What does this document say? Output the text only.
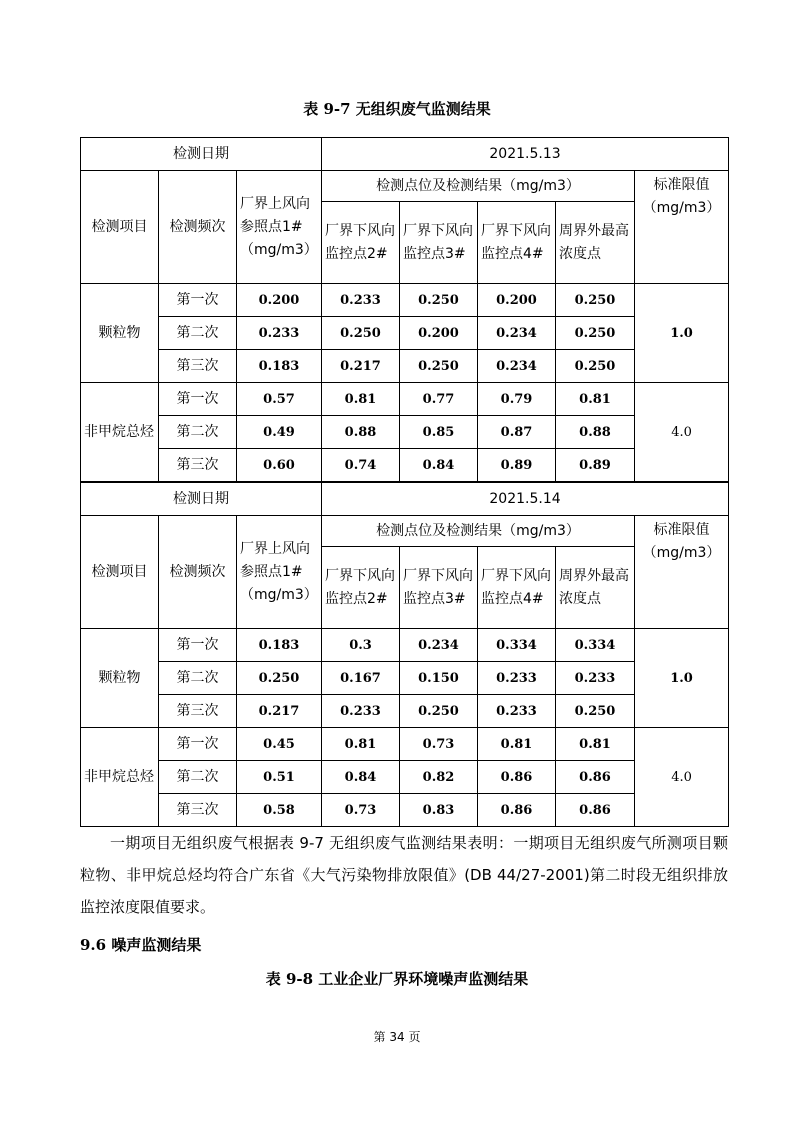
表 9-7 无组织废气监测结果
检测日期			2021.5.13				
检测项目	检测频次	厂界上风向参照点1#（mg/m3）	检测点位及检测结果（mg/m3）				标准限值（mg/m3）
			厂界下风向监控点2#	厂界下风向监控点3#	厂界下风向监控点4#	周界外最高浓度点	
颗粒物	第一次	0.200	0.233	0.250	0.200	0.250	1.0
	第二次	0.233	0.250	0.200	0.234	0.250	
	第三次	0.183	0.217	0.250	0.234	0.250	
非甲烷总烃	第一次	0.57	0.81	0.77	0.79	0.81	4.0
	第二次	0.49	0.88	0.85	0.87	0.88	
	第三次	0.60	0.74	0.84	0.89	0.89	
检测日期			2021.5.14				
检测项目	检测频次	厂界上风向参照点1#（mg/m3）	检测点位及检测结果（mg/m3）				标准限值（mg/m3）
			厂界下风向监控点2#	厂界下风向监控点3#	厂界下风向监控点4#	周界外最高浓度点	
颗粒物	第一次	0.183	0.3	0.234	0.334	0.334	1.0
	第二次	0.250	0.167	0.150	0.233	0.233	
	第三次	0.217	0.233	0.250	0.233	0.250	
非甲烷总烃	第一次	0.45	0.81	0.73	0.81	0.81	4.0
	第二次	0.51	0.84	0.82	0.86	0.86	
	第三次	0.58	0.73	0.83	0.86	0.86	
一期项目无组织废气根据表 9-7 无组织废气监测结果表明：一期项目无组织废气所测项目颗粒物、非甲烷总烃均符合广东省《大气污染物排放限值》(DB 44/27-2001)第二时段无组织排放监控浓度限值要求。
9.6 噪声监测结果
表 9-8 工业企业厂界环境噪声监测结果
第 34 页
